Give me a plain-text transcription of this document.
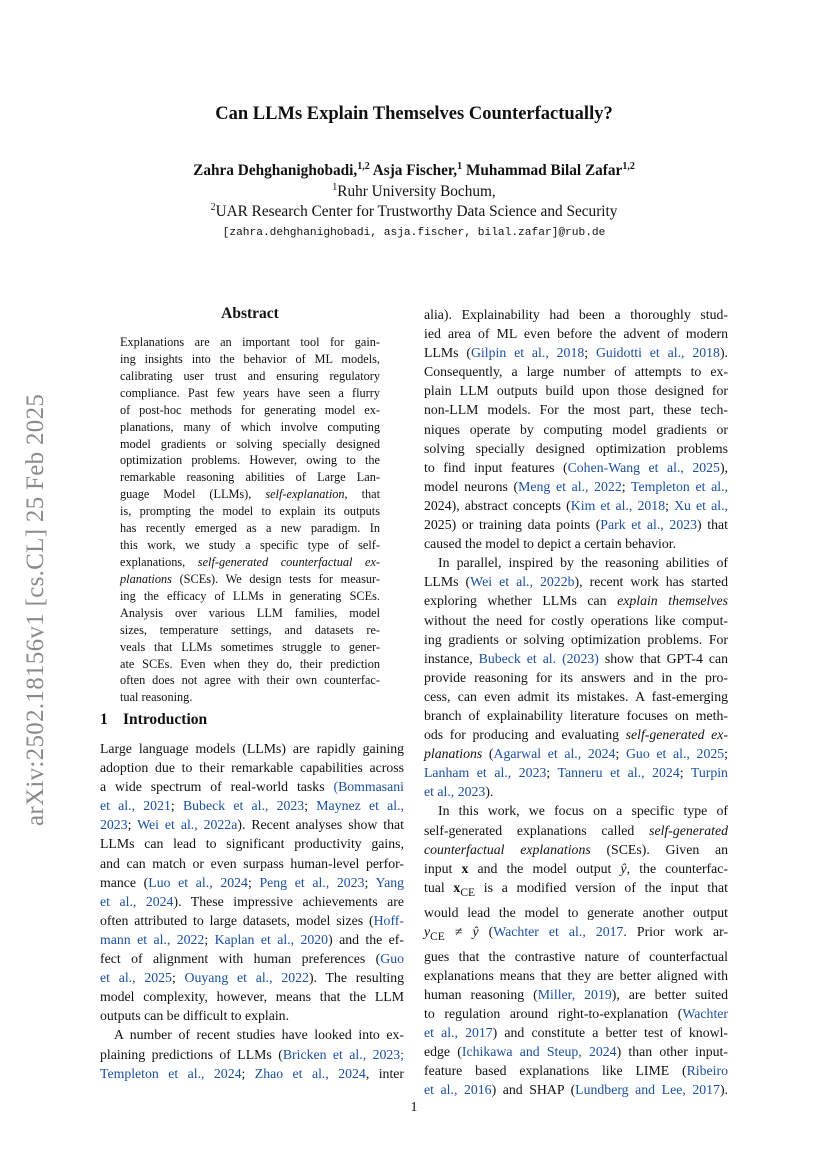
arXiv:2502.18156v1 [cs.CL] 25 Feb 2025
Can LLMs Explain Themselves Counterfactually?
Zahra Dehghanighobadi,$^{1,2}$ Asja Fischer,$^1$ Muhammad Bilal Zafar$^{1,2}$
$^1$Ruhr University Bochum,
$^2$UAR Research Center for Trustworthy Data Science and Security
[zahra.dehghanighobadi, asja.fischer, bilal.zafar]@rub.de
Abstract
Explanations are an important tool for gain-
ing insights into the behavior of ML models,
calibrating user trust and ensuring regulatory
compliance. Past few years have seen a flurry
of post-hoc methods for generating model ex-
planations, many of which involve computing
model gradients or solving specially designed
optimization problems. However, owing to the
remarkable reasoning abilities of Large Lan-
guage Model (LLMs), self-explanation, that
is, prompting the model to explain its outputs
has recently emerged as a new paradigm. In
this work, we study a specific type of self-
explanations, self-generated counterfactual ex-
planations (SCEs). We design tests for measur-
ing the efficacy of LLMs in generating SCEs.
Analysis over various LLM families, model
sizes, temperature settings, and datasets re-
veals that LLMs sometimes struggle to gener-
ate SCEs. Even when they do, their prediction
often does not agree with their own counterfac-
tual reasoning.
1 Introduction
Large language models (LLMs) are rapidly gaining
adoption due to their remarkable capabilities across
a wide spectrum of real-world tasks (Bommasani
et al., 2021; Bubeck et al., 2023; Maynez et al.,
2023; Wei et al., 2022a). Recent analyses show that
LLMs can lead to significant productivity gains,
and can match or even surpass human-level perfor-
mance (Luo et al., 2024; Peng et al., 2023; Yang
et al., 2024). These impressive achievements are
often attributed to large datasets, model sizes (Hoff-
mann et al., 2022; Kaplan et al., 2020) and the ef-
fect of alignment with human preferences (Guo
et al., 2025; Ouyang et al., 2022). The resulting
model complexity, however, means that the LLM
outputs can be difficult to explain.
A number of recent studies have looked into ex-
plaining predictions of LLMs (Bricken et al., 2023;
Templeton et al., 2024; Zhao et al., 2024, inter
alia). Explainability had been a thoroughly stud-
ied area of ML even before the advent of modern
LLMs (Gilpin et al., 2018; Guidotti et al., 2018).
Consequently, a large number of attempts to ex-
plain LLM outputs build upon those designed for
non-LLM models. For the most part, these tech-
niques operate by computing model gradients or
solving specially designed optimization problems
to find input features (Cohen-Wang et al., 2025),
model neurons (Meng et al., 2022; Templeton et al.,
2024), abstract concepts (Kim et al., 2018; Xu et al.,
2025) or training data points (Park et al., 2023) that
caused the model to depict a certain behavior.
In parallel, inspired by the reasoning abilities of
LLMs (Wei et al., 2022b), recent work has started
exploring whether LLMs can explain themselves
without the need for costly operations like comput-
ing gradients or solving optimization problems. For
instance, Bubeck et al. (2023) show that GPT-4 can
provide reasoning for its answers and in the pro-
cess, can even admit its mistakes. A fast-emerging
branch of explainability literature focuses on meth-
ods for producing and evaluating self-generated ex-
planations (Agarwal et al., 2024; Guo et al., 2025;
Lanham et al., 2023; Tanneru et al., 2024; Turpin
et al., 2023).
In this work, we focus on a specific type of
self-generated explanations called self-generated
counterfactual explanations (SCEs). Given an
input x and the model output ŷ, the counterfac-
tual $x_{CE}$ is a modified version of the input that
would lead the model to generate another output
$y_{CE}$ ≠ ŷ (Wachter et al., 2017. Prior work ar-
gues that the contrastive nature of counterfactual
explanations means that they are better aligned with
human reasoning (Miller, 2019), are better suited
to regulation around right-to-explanation (Wachter
et al., 2017) and constitute a better test of knowl-
edge (Ichikawa and Steup, 2024) than other input-
feature based explanations like LIME (Ribeiro
et al., 2016) and SHAP (Lundberg and Lee, 2017).
1
